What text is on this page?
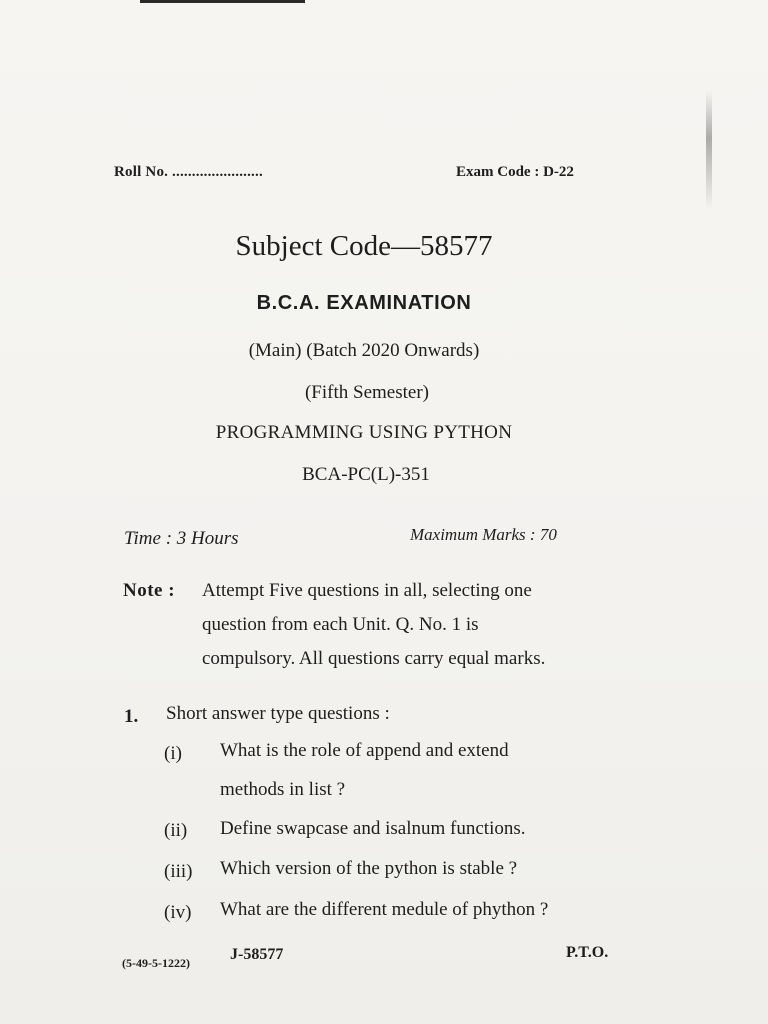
Roll No. .......................	Exam Code : D-22
Subject Code—58577
B.C.A. EXAMINATION
(Main) (Batch 2020 Onwards)
(Fifth Semester)
PROGRAMMING USING PYTHON
BCA-PC(L)-351
Time : 3 Hours	Maximum Marks : 70
Note : Attempt Five questions in all, selecting one
question from each Unit. Q. No. 1 is
compulsory. All questions carry equal marks.
1. Short answer type questions :
(i) What is the role of append and extend
methods in list ?
(ii) Define swapcase and isalnum functions.
(iii) Which version of the python is stable ?
(iv) What are the different medule of phython ?
(5-49-5-1222)	J-58577	P.T.O.
